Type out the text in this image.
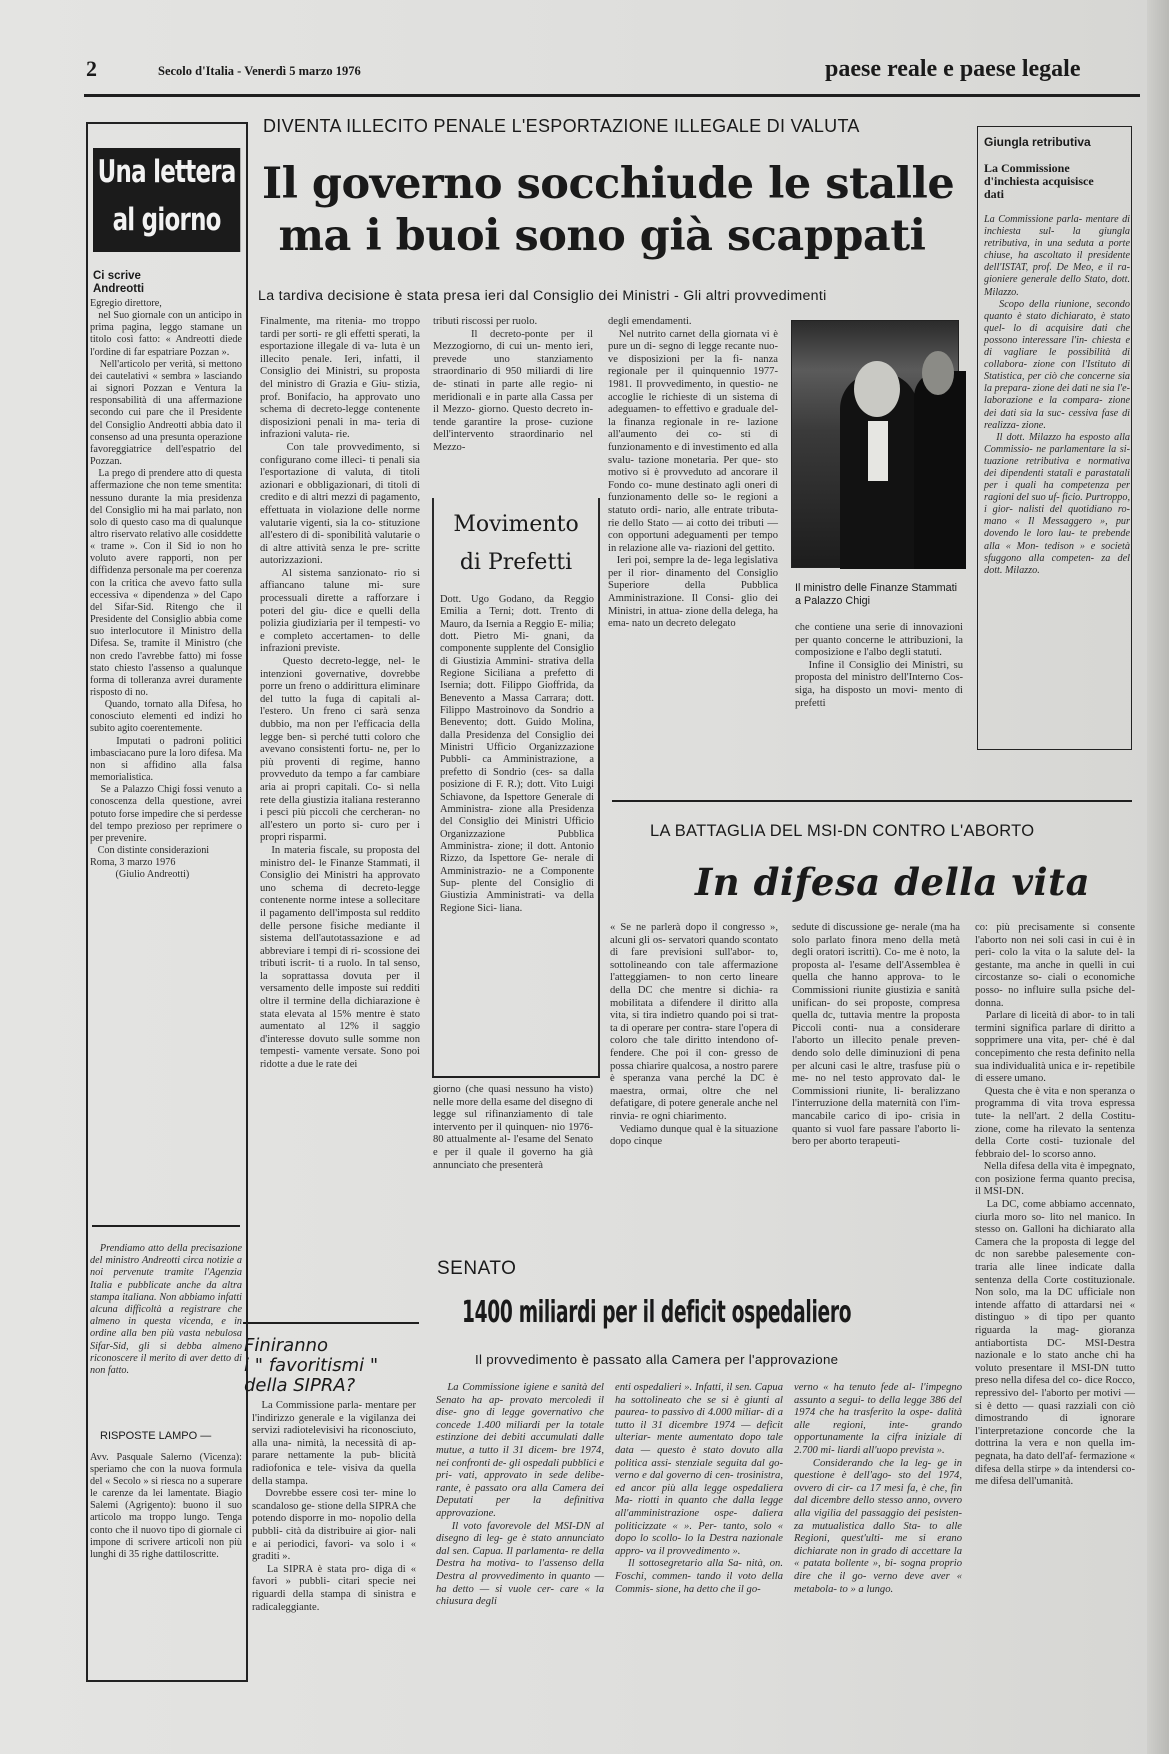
2	Secolo d'Italia - Venerdì 5 marzo 1976	paese reale e paese legale
Una lettera
al giorno
Ci scrive
Andreotti
Egregio direttore,
nel Suo giornale con un anticipo in prima pagina, leggo stamane un titolo così fatto: « Andreotti diede l'ordine di far espatriare Pozzan ».
Nell'articolo per verità, si mettono dei cautelativi « sembra » lasciando ai signori Pozzan e Ventura la responsabilità di una affermazione secondo cui pare che il Presidente del Consiglio Andreotti abbia dato il consenso ad una presunta operazione favoreggiatrice dell'espatrio del Pozzan.
La prego di prendere atto di questa affermazione che non teme smentita: nessuno durante la mia presidenza del Consiglio mi ha mai parlato, non solo di questo caso ma di qualunque altro riservato relativo alle cosiddette « trame ». Con il Sid io non ho voluto avere rapporti, non per diffidenza personale ma per coerenza con la critica che avevo fatto sulla eccessiva « dipendenza » del Capo del Sifar-Sid. Ritengo che il Presidente del Consiglio abbia come suo interlocutore il Ministro della Difesa. Se, tramite il Ministro (che non credo l'avrebbe fatto) mi fosse stato chiesto l'assenso a qualunque forma di tolleranza avrei duramente risposto di no.
Quando, tornato alla Difesa, ho conosciuto elementi ed indizi ho subito agito coerentemente.
Imputati o padroni politici imbasciacano pure la loro difesa. Ma non si affidino alla falsa memorialistica.
Se a Palazzo Chigi fossi venuto a conoscenza della questione, avrei potuto forse impedire che si perdesse del tempo prezioso per reprimere o per prevenire.
Con distinte considerazioni
Roma, 3 marzo 1976
(Giulio Andreotti)
Prendiamo atto della precisazione del ministro Andreotti circa notizie a noi pervenute tramite l'Agenzia Italia e pubblicate anche da altra stampa italiana. Non abbiamo infatti alcuna difficoltà a registrare che almeno in questa vicenda, e in ordine alla ben più vasta nebulosa Sifar-Sid, gli si debba almeno riconoscere il merito di aver detto di non fatto.
RISPOSTE LAMPO —
Avv. Pasquale Salerno (Vicenza): speriamo che con la nuova formula del « Secolo » si riesca no a superare le carenze da lei lamentate. Biagio Salemi (Agrigento): buono il suo articolo ma troppo lungo. Tenga conto che il nuovo tipo di giornale ci impone di scrivere articoli non più lunghi di 35 righe dattiloscritte.
DIVENTA ILLECITO PENALE L'ESPORTAZIONE ILLEGALE DI VALUTA
Il governo socchiude le stalle
ma i buoi sono già scappati
La tardiva decisione è stata presa ieri dal Consiglio dei Ministri - Gli altri provvedimenti
Finalmente, ma ritenia- mo troppo tardi per sorti- re gli effetti sperati, la esportazione illegale di va- luta è un illecito penale. Ieri, infatti, il Consiglio dei Ministri, su proposta del ministro di Grazia e Giu- stizia, prof. Bonifacio, ha approvato uno schema di decreto-legge contenente disposizioni penali in ma- teria di infrazioni valuta- rie.
Con tale provvedimento, si configurano come illeci- ti penali sia l'esportazione di valuta, di titoli azionari e obbligazionari, di titoli di credito e di altri mezzi di pagamento, effettuata in violazione delle norme valutarie vigenti, sia la co- stituzione all'estero di di- sponibilità valutarie o di altre attività senza le pre- scritte autorizzazioni.
Al sistema sanzionato- rio si affiancano talune mi- sure processuali dirette a rafforzare i poteri del giu- dice e quelli della polizia giudiziaria per il tempesti- vo e completo accertamen- to delle infrazioni previste.
Questo decreto-legge, nel- le intenzioni governative, dovrebbe porre un freno o addirittura eliminare del tutto la fuga di capitali al- l'estero. Un freno ci sarà senza dubbio, ma non per l'efficacia della legge ben- sì perché tutti coloro che avevano consistenti fortu- ne, per lo più proventi di regime, hanno provveduto da tempo a far cambiare aria ai propri capitali. Co- sì nella rete della giustizia italiana resteranno i pesci più piccoli che cercheran- no all'estero un porto si- curo per i propri risparmi.
In materia fiscale, su proposta del ministro del- le Finanze Stammati, il Consiglio dei Ministri ha approvato uno schema di decreto-legge contenente norme intese a sollecitare il pagamento dell'imposta sul reddito delle persone fisiche mediante il sistema dell'autotassazione e ad abbreviare i tempi di ri- scossione dei tributi iscrit- ti a ruolo. In tal senso, la soprattassa dovuta per il versamento delle imposte sui redditi oltre il termine della dichiarazione è stata elevata al 15% mentre è stato aumentato al 12% il saggio d'interesse dovuto sulle somme non tempesti- vamente versate. Sono poi ridotte a due le rate dei
tributi riscossi per ruolo.
Il decreto-ponte per il Mezzogiorno, di cui un- mento ieri, prevede uno stanziamento straordinario di 950 miliardi di lire de- stinati in parte alle regio- ni meridionali e in parte alla Cassa per il Mezzo- giorno. Questo decreto in- tende garantire la prose- cuzione dell'intervento straordinario nel Mezzo-
Movimento
di Prefetti
Dott. Ugo Godano, da Reggio Emilia a Terni; dott. Trento di Mauro, da Isernia a Reggio E- milia; dott. Pietro Mi- gnani, da componente supplente del Consiglio di Giustizia Ammini- strativa della Regione Siciliana a prefetto di Isernia; dott. Filippo Gioffrida, da Benevento a Massa Carrara; dott. Filippo Mastroinovo da Sondrio a Benevento; dott. Guido Molina, dalla Presidenza del Consiglio dei Ministri Ufficio Organizzazione Pubbli- ca Amministrazione, a prefetto di Sondrio (ces- sa dalla posizione di F. R.); dott. Vito Luigi Schiavone, da Ispettore Generale di Amministra- zione alla Presidenza del Consiglio dei Ministri Ufficio Organizzazione Pubblica Amministra- zione; il dott. Antonio Rizzo, da Ispettore Ge- nerale di Amministrazio- ne a Componente Sup- plente del Consiglio di Giustizia Amministrati- va della Regione Sici- liana.
giorno (che quasi nessuno ha visto) nelle more della esame del disegno di legge sul rifinanziamento di tale intervento per il quinquen- nio 1976-80 attualmente al- l'esame del Senato e per il quale il governo ha già annunciato che presenterà
degli emendamenti.
Nel nutrito carnet della giornata vi è pure un di- segno di legge recante nuo- ve disposizioni per la fi- nanza regionale per il quinquennio 1977-1981. Il provvedimento, in questio- ne accoglie le richieste di un sistema di adeguamen- to effettivo e graduale del- la finanza regionale in re- lazione all'aumento dei co- sti di funzionamento e di investimento ed alla svalu- tazione monetaria. Per que- sto motivo si è provveduto ad ancorare il Fondo co- mune destinato agli oneri di funzionamento delle so- le regioni a statuto ordi- nario, alle entrate tributa- rie dello Stato — ai cotto dei tributi — con opportuni adeguamenti per tempo in relazione alle va- riazioni del gettito.
Ieri poi, sempre la de- lega legislativa per il rior- dinamento del Consiglio Superiore della Pubblica Amministrazione. Il Consi- glio dei Ministri, in attua- zione della delega, ha ema- nato un decreto delegato
Il ministro delle Finanze Stammati a Palazzo Chigi
che contiene una serie di innovazioni per quanto concerne le attribuzioni, la composizione e l'albo degli statuti.
Infine il Consiglio dei Ministri, su proposta del ministro dell'Interno Cos- siga, ha disposto un movi- mento di prefetti
Giungla retributiva
La Commissione d'inchiesta acquisisce dati
La Commissione parla- mentare di inchiesta sul- la giungla retributiva, in una seduta a porte chiuse, ha ascoltato il presidente dell'ISTAT, prof. De Meo, e il ra- gioniere generale dello Stato, dott. Milazzo.
Scopo della riunione, secondo quanto è stato dichiarato, è stato quel- lo di acquisire dati che possono interessare l'in- chiesta e di vagliare le possibilità di collabora- zione con l'Istituto di Statistica, per ciò che concerne sia la prepara- zione dei dati ne sia l'e- laborazione e la compara- zione dei dati sia la suc- cessiva fase di realizza- zione.
Il dott. Milazzo ha esposto alla Commissio- ne parlamentare la si- tuazione retributiva e normativa dei dipendenti statali e parastatali per i quali ha competenza per ragioni del suo uf- ficio. Purtroppo, i gior- nalisti del quotidiano ro- mano « Il Messaggero », pur dovendo le loro lau- te prebende alla « Mon- tedison » e società sfuggono alla competen- za del dott. Milazzo.
LA BATTAGLIA DEL MSI-DN CONTRO L'ABORTO
In difesa della vita
« Se ne parlerà dopo il congresso », alcuni gli os- servatori quando scontato di fare previsioni sull'abor- to, sottolineando con tale affermazione l'atteggiamen- to non certo lineare della DC che mentre si dichia- ra mobilitata a difendere il diritto alla vita, si tira indietro quando poi si trat- ta di operare per contra- stare l'opera di coloro che tale diritto intendono of- fendere. Che poi il con- gresso de possa chiarire qualcosa, a nostro parere è speranza vana perché la DC è maestra, ormai, oltre che nel defatigare, di potere generale anche nel rinvia- re ogni chiarimento.
Vediamo dunque qual è la situazione dopo cinque
sedute di discussione ge- nerale (ma ha solo parlato finora meno della metà degli oratori iscritti). Co- me è noto, la proposta al- l'esame dell'Assemblea è quella che hanno approva- to le Commissioni riunite giustizia e sanità unifican- do sei proposte, compresa quella dc, tuttavia mentre la proposta Piccoli conti- nua a considerare l'aborto un illecito penale preven- dendo solo delle diminuzioni di pena per alcuni casi le altre, trasfuse più o me- no nel testo approvato dal- le Commissioni riunite, li- beralizzano l'interruzione della maternità con l'im- mancabile carico di ipo- crisia in quanto si vuol fare passare l'aborto li- bero per aborto terapeuti-
co: più precisamente si consente l'aborto non nei soli casi in cui è in peri- colo la vita o la salute del- la gestante, ma anche in quelli in cui circostanze so- ciali o economiche posso- no influire sulla psiche del- donna.
Parlare di liceità di abor- to in tali termini significa parlare di diritto a sopprimere una vita, per- ché è dal concepimento che resta definito nella sua individualità unica e ir- repetibile di essere umano.
Questa che è vita e non speranza o programma di vita trova espressa tute- la nell'art. 2 della Costitu- zione, come ha rilevato la sentenza della Corte costi- tuzionale del febbraio del- lo scorso anno.
Nella difesa della vita è impegnato, con posizione ferma quanto precisa, il MSI-DN.
La DC, come abbiamo accennato, ciurla moro so- lito nel manico. In stesso on. Galloni ha dichiarato alla Camera che la proposta di legge del dc non sarebbe palesemente con- traria alle linee indicate dalla sentenza della Corte costituzionale. Non solo, ma la DC ufficiale non intende affatto di attardarsi nei « distinguo » di tipo per quanto riguarda la mag- gioranza antiabortista DC- MSI-Destra nazionale e lo stato anche chi ha voluto presentare il MSI-DN tutto preso nella difesa del co- dice Rocco, repressivo del- l'aborto per motivi — si è detto — quasi razziali con ciò dimostrando di ignorare l'interpretazione concorde che la dottrina la vera e non quella im- pegnata, ha dato dell'af- fermazione « difesa della stirpe » da intendersi co- me difesa dell'umanità.
SENATO
1400 miliardi per il deficit ospedaliero
Il provvedimento è passato alla Camera per l'approvazione
La Commissione igiene e sanità del Senato ha ap- provato mercoledì il dise- gno di legge governativo che concede 1.400 miliardi per la totale estinzione dei debiti accumulati dalle mutue, a tutto il 31 dicem- bre 1974, nei confronti de- gli ospedali pubblici e pri- vati, approvato in sede delibe- rante, è passato ora alla Camera dei Deputati per la definitiva approvazione.
Il voto favorevole del MSI-DN al disegno di leg- ge è stato annunciato dal sen. Capua. Il parlamenta- re della Destra ha motiva- to l'assenso della Destra al provvedimento in quanto — ha detto — si vuole cer- care « la chiusura degli
enti ospedalieri ». Infatti, il sen. Capua ha sottolineato che se si è giunti al paurea- to passivo di 4.000 miliar- di a tutto il 31 dicembre 1974 — deficit ulteriar- mente aumentato dopo tale data — questo è stato dovuto alla politica assi- stenziale seguita dal go- verno e dal governo di cen- trosinistra, ed ancor più alla legge ospedaliera Ma- riotti in quanto che dalla legge all'amministrazione ospe- daliera politicizzate « ». Per- tanto, solo « dopo lo scollo- lo la Destra nazionale appro- va il provvedimento ».
Il sottosegretario alla Sa- nità, on. Foschi, commen- tando il voto della Commis- sione, ha detto che il go-
verno « ha tenuto fede al- l'impegno assunto a segui- to della legge 386 del 1974 che ha trasferito la ospe- dalità alle regioni, inte- grando opportunamente la cifra iniziale di 2.700 mi- liardi all'uopo prevista ».
Considerando che la leg- ge in questione è dell'ago- sto del 1974, ovvero di cir- ca 17 mesi fa, è che, fin dal dicembre dello stesso anno, ovvero alla vigilia del passaggio dei pesisten- za mutualistica dallo Sta- to alle Regioni, quest'ulti- me si erano dichiarate non in grado di accettare la « patata bollente », bi- sogna proprio dire che il go- verno deve aver « metabola- to » a lungo.
Finiranno
i " favoritismi "
della SIPRA?
La Commissione parla- mentare per l'indirizzo generale e la vigilanza dei servizi radiotelevisivi ha riconosciuto, alla una- nimità, la necessità di ap- parare nettamente la pub- blicità radiofonica e tele- visiva da quella della stampa.
Dovrebbe essere così ter- mine lo scandaloso ge- stione della SIPRA che potendo disporre in mo- nopolio della pubbli- cità da distribuire ai gior- nali e ai periodici, favori- va solo i « graditi ».
La SIPRA è stata pro- diga di « favori » pubbli- citari specie nei riguardi della stampa di sinistra e radicaleggiante.
